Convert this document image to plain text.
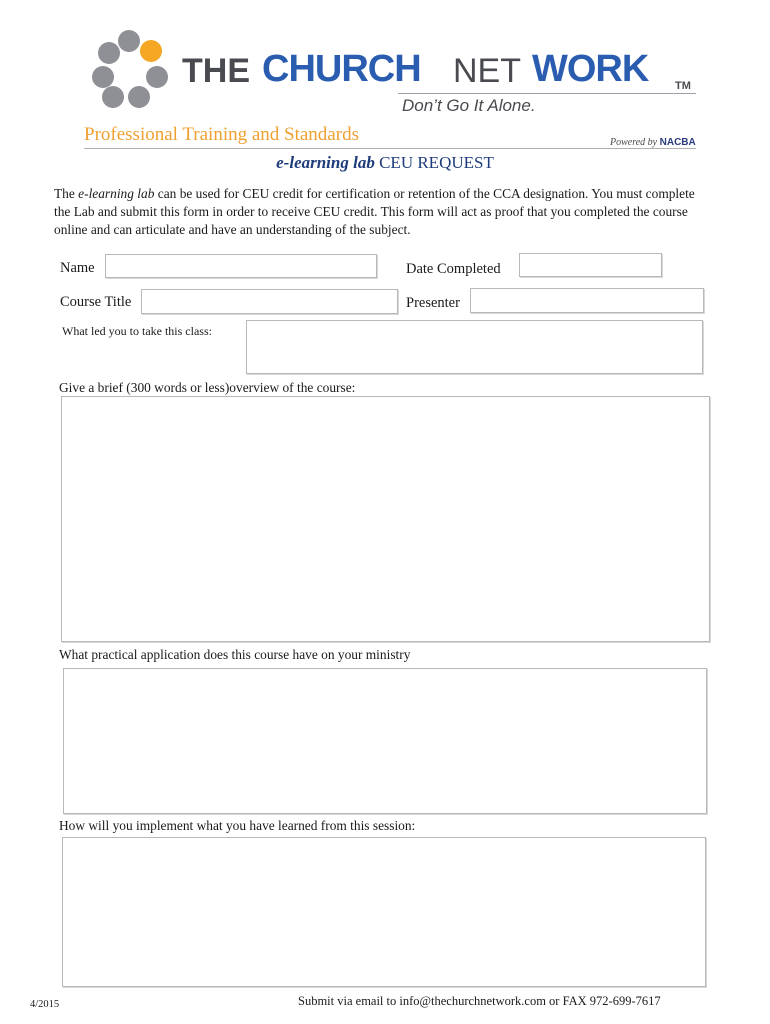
THE CHURCH NET WORK TM
Don’t Go It Alone.
Professional Training and Standards	Powered by NACBA
e-learning lab CEU REQUEST
The e-learning lab can be used for CEU credit for certification or retention of the CCA designation. You must complete the Lab and submit this form in order to receive CEU credit. This form will act as proof that you completed the course online and can articulate and have an understanding of the subject.
Name	Date Completed
Course Title	Presenter
What led you to take this class:
Give a brief (300 words or less)overview of the course:
What practical application does this course have on your ministry
How will you implement what you have learned from this session:
4/2015	Submit via email to info@thechurchnetwork.com or FAX 972-699-7617
